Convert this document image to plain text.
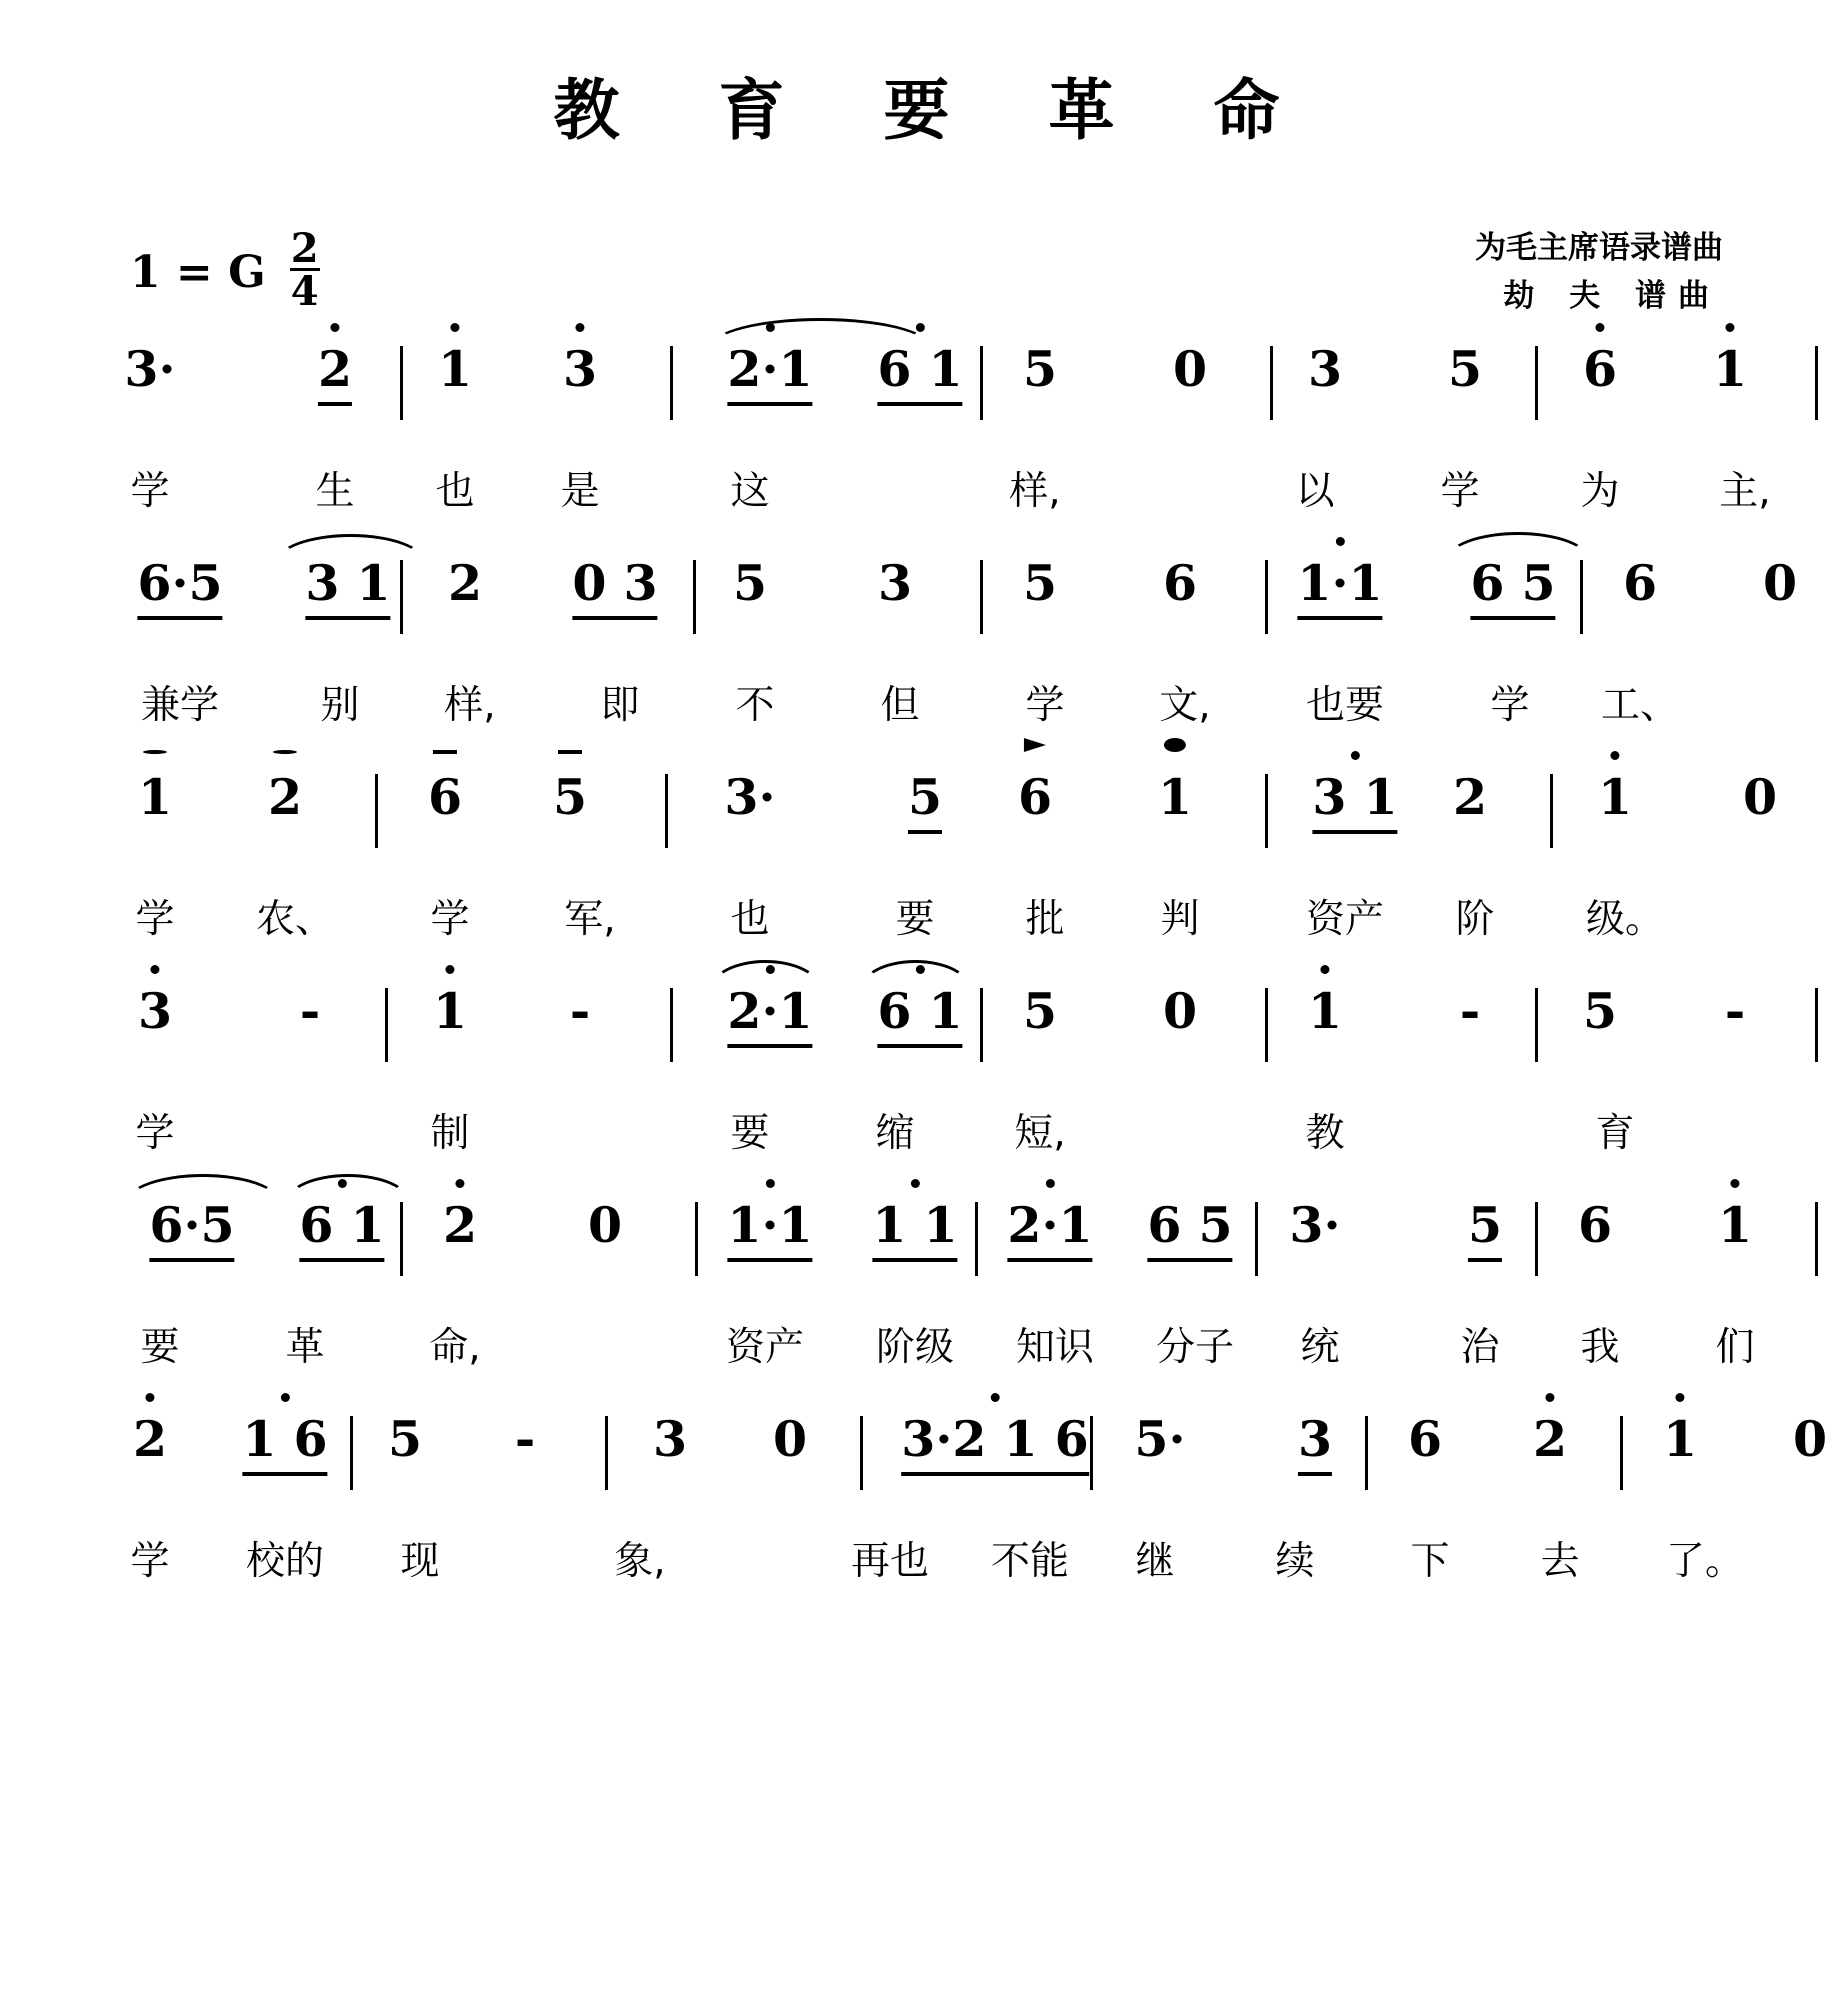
教 育 要 革 命
1 = G $\frac{2}{4}$	为毛主席语录谱曲
劫 夫 谱曲
3·	2 1 3	2·1 6 1 5 0 3 5 6 1
学	生 也 是	这	样,	以	学	为	主,
6·5 3 1 2 0 3 5 3 5 6 1·1 6 5 6 0
兼学	别 样,	即 不	但	学 文, 也要	学 工、
1 2	6 5	3·	5 6 1 3 1 2 1 0
学 农、 学 军,	也	要 批 判	资产 阶 级。
3	- 1 -	2·1 6 1 5 0 1 - 5 -
学	制	要	缩	短,	教	育
6·5 6 1 2 0 1·1 1 1 2·1 6 5 3·	5 6 1
要	革	命,	资产 阶级 知识 分子 统	治 我 们
2 1 6 5 - 3 0 3·2 1 6 5· 3 6 2 1 0
学 校的 现	象,	再也 不能 继	续 下 去 了。
